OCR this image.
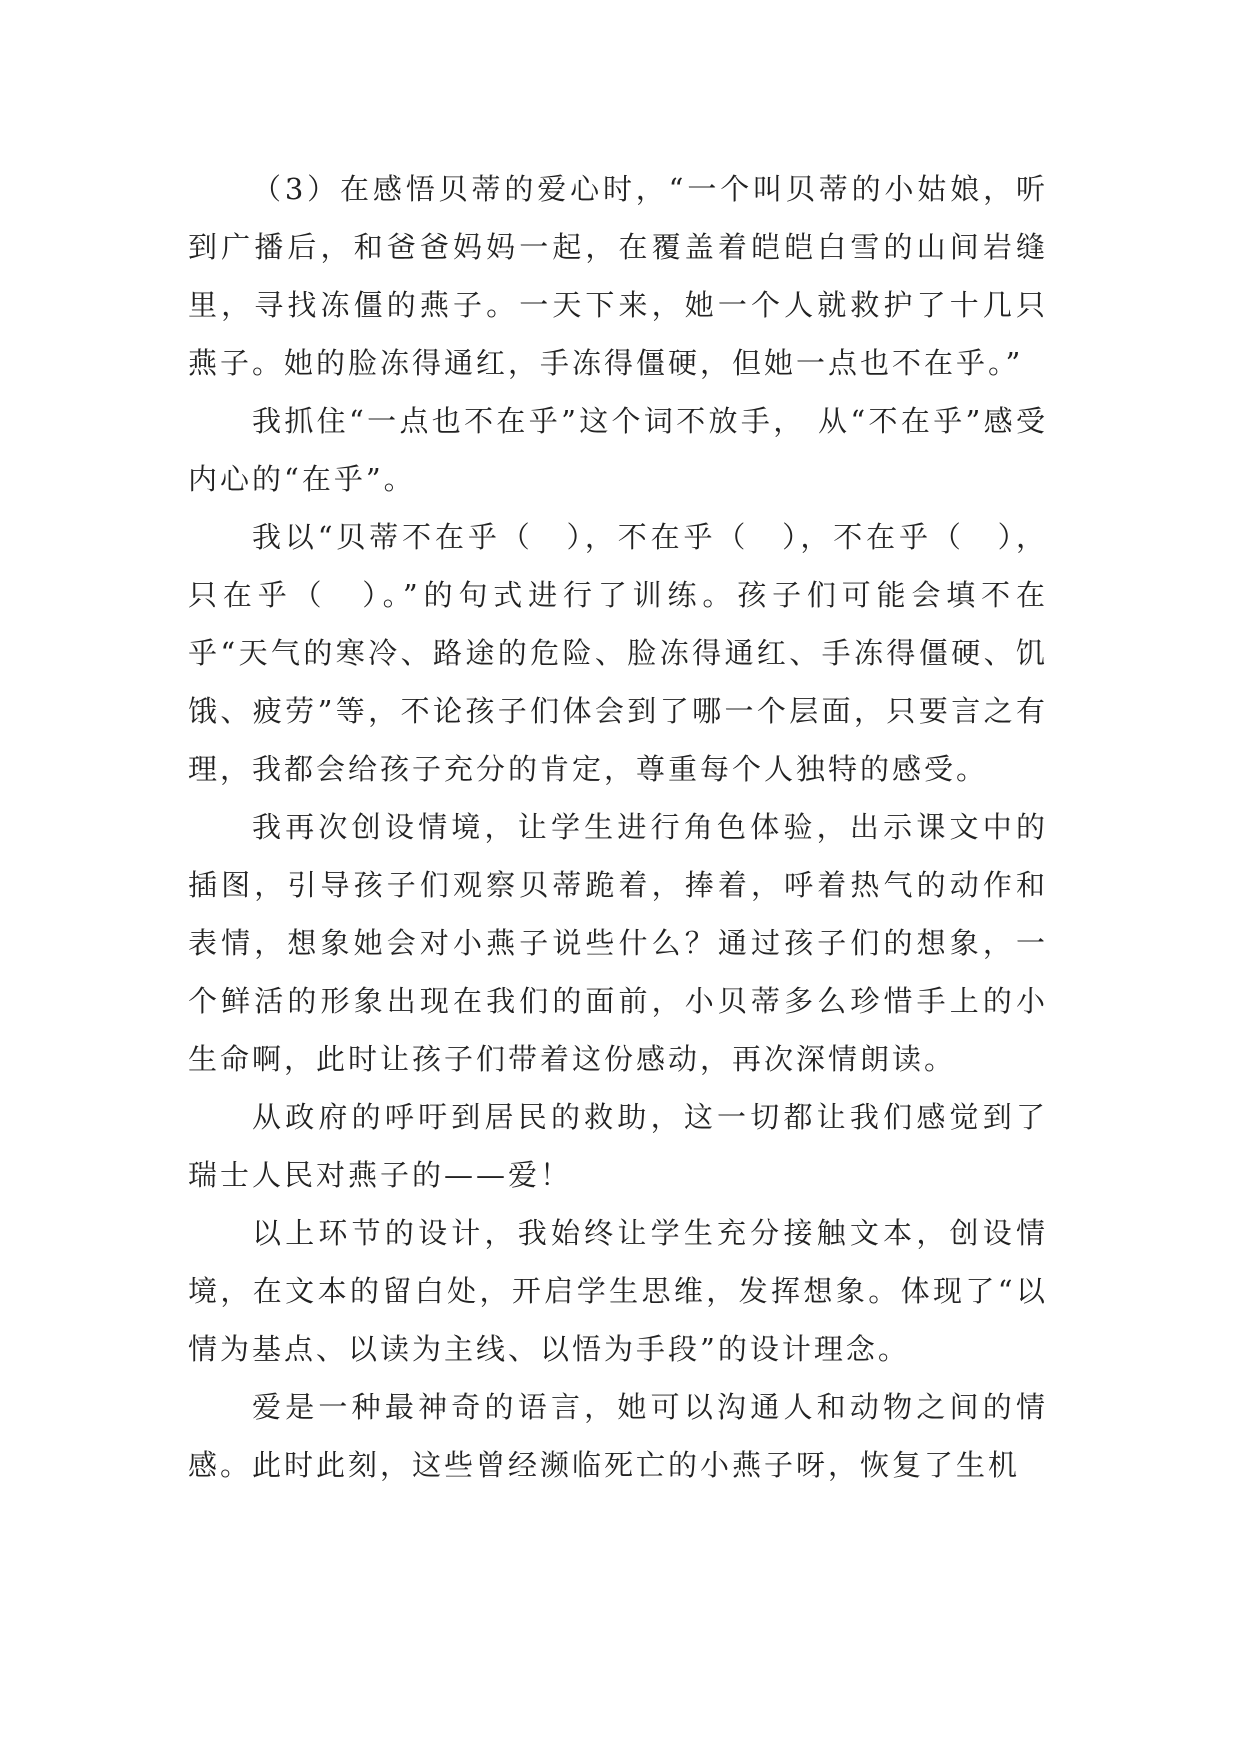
（3）在感悟贝蒂的爱心时，“一个叫贝蒂的小姑娘，听到广播后，和爸爸妈妈一起，在覆盖着皑皑白雪的山间岩缝里，寻找冻僵的燕子。一天下来，她一个人就救护了十几只燕子。她的脸冻得通红，手冻得僵硬，但她一点也不在乎。”

我抓住“一点也不在乎”这个词不放手， 从“不在乎”感受内心的“在乎”。

我以“贝蒂不在乎（　），不在乎（　），不在乎（　），只在乎（　）。”的句式进行了训练。孩子们可能会填不在乎“天气的寒冷、路途的危险、脸冻得通红、手冻得僵硬、饥饿、疲劳”等，不论孩子们体会到了哪一个层面，只要言之有理，我都会给孩子充分的肯定，尊重每个人独特的感受。

我再次创设情境，让学生进行角色体验，出示课文中的插图，引导孩子们观察贝蒂跪着，捧着，呼着热气的动作和表情，想象她会对小燕子说些什么？通过孩子们的想象，一个鲜活的形象出现在我们的面前，小贝蒂多么珍惜手上的小生命啊，此时让孩子们带着这份感动，再次深情朗读。

从政府的呼吁到居民的救助，这一切都让我们感觉到了瑞士人民对燕子的——爱！

以上环节的设计，我始终让学生充分接触文本，创设情境，在文本的留白处，开启学生思维，发挥想象。体现了“以情为基点、以读为主线、以悟为手段”的设计理念。

爱是一种最神奇的语言，她可以沟通人和动物之间的情感。此时此刻，这些曾经濒临死亡的小燕子呀，恢复了生机
